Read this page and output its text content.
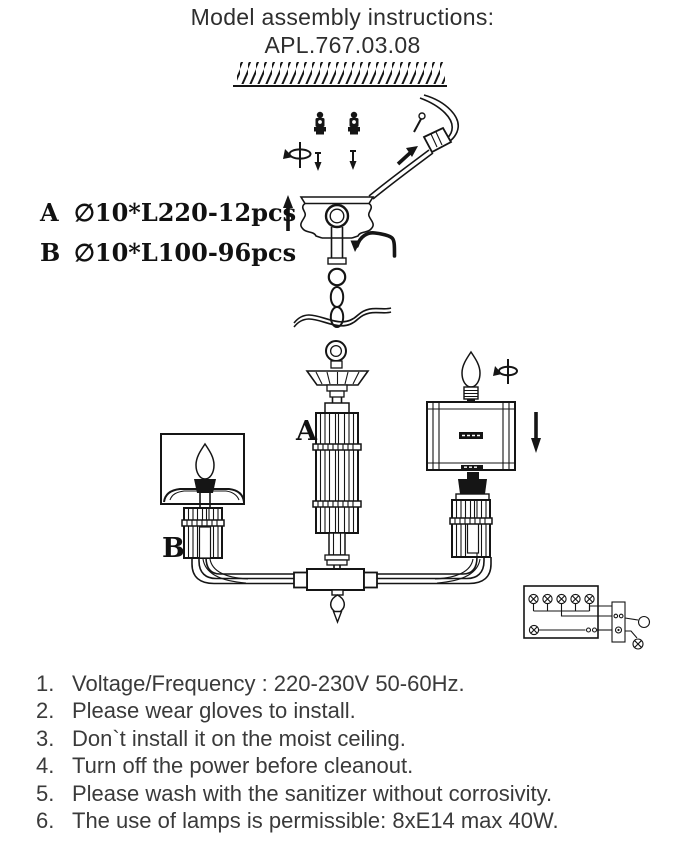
Model assembly instructions:
APL.767.03.08
A ∅10*L220-12pcs
B ∅10*L100-96pcs
A
B
1. Voltage/Frequency : 220-230V 50-60Hz.
2. Please wear gloves to install.
3. Don`t install it on the moist ceiling.
4. Turn off the power before cleanout.
5. Please wash with the sanitizer without corrosivity.
6. The use of lamps is permissible: 8xE14 max 40W.
